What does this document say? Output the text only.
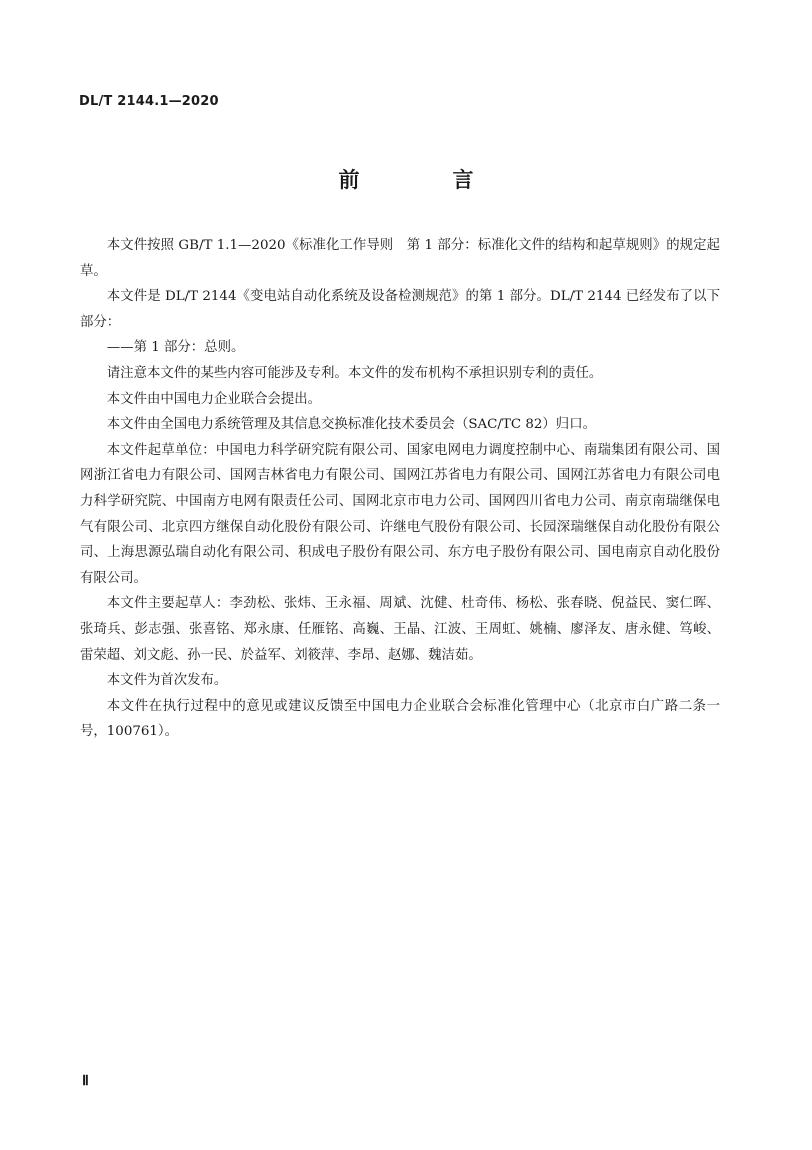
DL/T 2144.1—2020
前　言

本文件按照 GB/T 1.1—2020《标准化工作导则　第 1 部分：标准化文件的结构和起草规则》的规定起草。

本文件是 DL/T 2144《变电站自动化系统及设备检测规范》的第 1 部分。DL/T 2144 已经发布了以下部分：

——第 1 部分：总则。

请注意本文件的某些内容可能涉及专利。本文件的发布机构不承担识别专利的责任。

本文件由中国电力企业联合会提出。

本文件由全国电力系统管理及其信息交换标准化技术委员会（SAC/TC 82）归口。

本文件起草单位：中国电力科学研究院有限公司、国家电网电力调度控制中心、南瑞集团有限公司、国网浙江省电力有限公司、国网吉林省电力有限公司、国网江苏省电力有限公司、国网江苏省电力有限公司电力科学研究院、中国南方电网有限责任公司、国网北京市电力公司、国网四川省电力公司、南京南瑞继保电气有限公司、北京四方继保自动化股份有限公司、许继电气股份有限公司、长园深瑞继保自动化股份有限公司、上海思源弘瑞自动化有限公司、积成电子股份有限公司、东方电子股份有限公司、国电南京自动化股份有限公司。

本文件主要起草人：李劲松、张炜、王永福、周斌、沈健、杜奇伟、杨松、张春晓、倪益民、窦仁晖、张琦兵、彭志强、张喜铭、郑永康、任雁铭、高巍、王晶、江波、王周虹、姚楠、廖泽友、唐永健、笃峻、雷荣超、刘文彪、孙一民、於益军、刘筱萍、李昂、赵娜、魏洁茹。

本文件为首次发布。

本文件在执行过程中的意见或建议反馈至中国电力企业联合会标准化管理中心（北京市白广路二条一号，100761）。

Ⅱ
